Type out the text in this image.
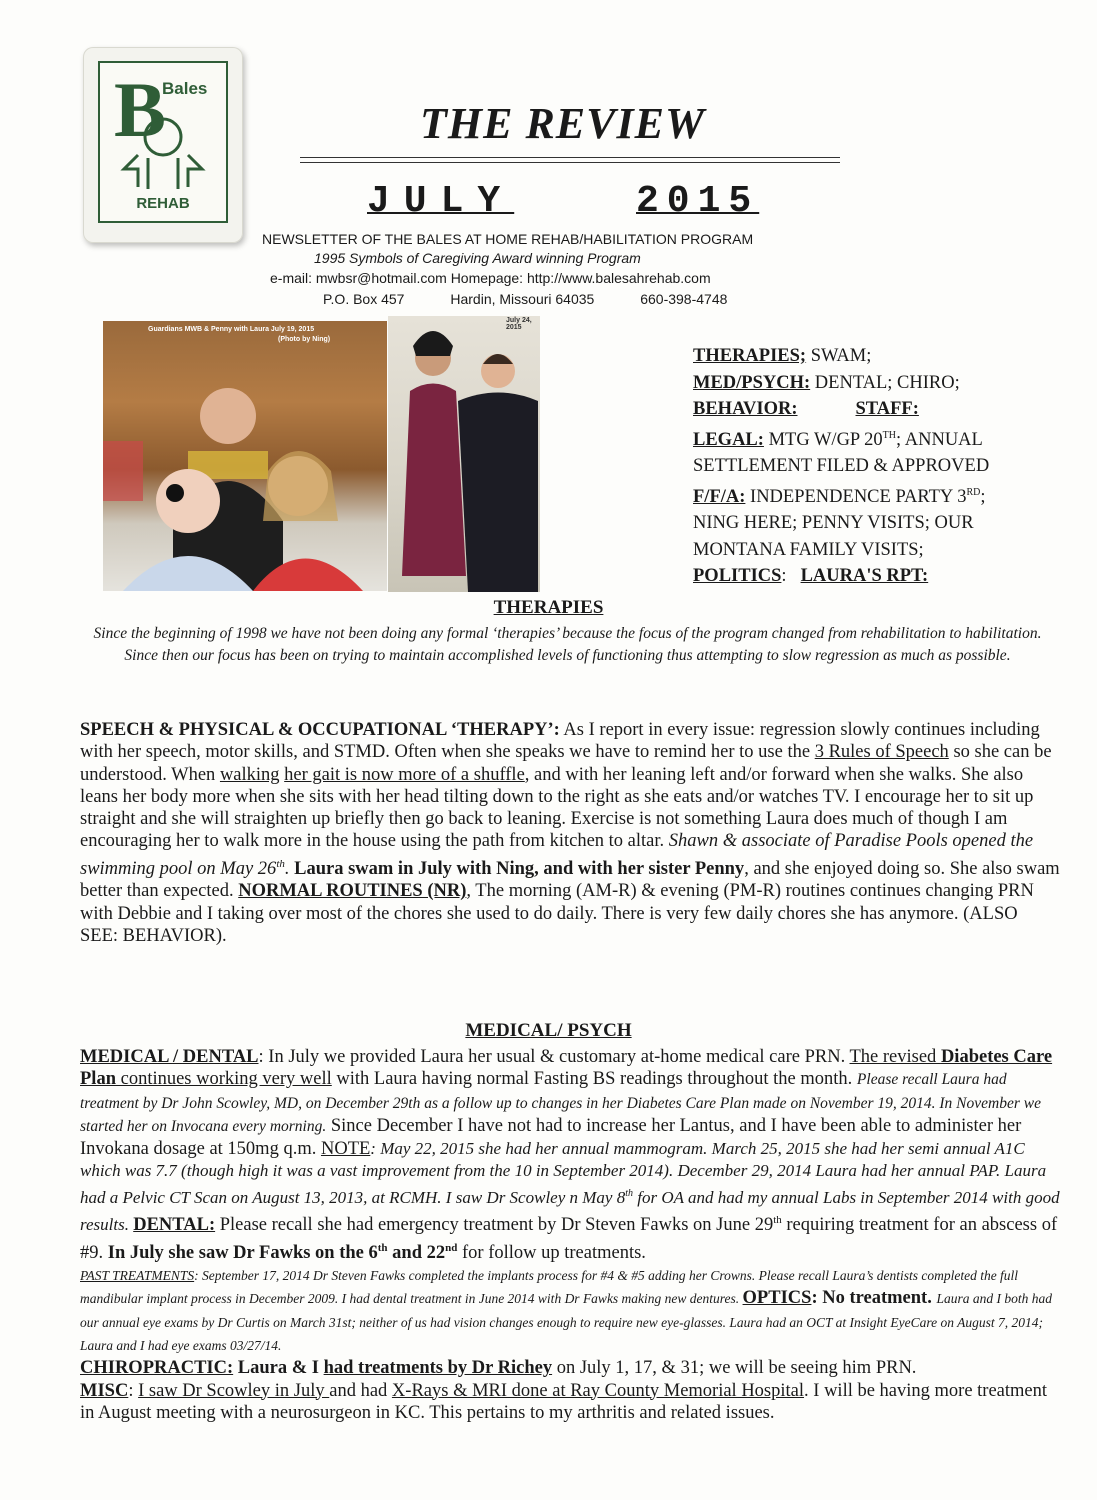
B
Bales
REHAB
THE REVIEW
JULY	2015
NEWSLETTER OF THE BALES AT HOME REHAB/HABILITATION PROGRAM
1995 Symbols of Caregiving Award winning Program
e-mail: mwbsr@hotmail.com Homepage: http://www.balesahrehab.com
P.O. Box 457	Hardin, Missouri 64035	660-398-4748
Guardians MWB & Penny with Laura July 19, 2015
(Photo by Ning)
July 24, 2015
THERAPIES; SWAM;
MED/PSYCH: DENTAL; CHIRO;
BEHAVIOR:	STAFF:
LEGAL: MTG W/GP 20TH; ANNUAL
SETTLEMENT FILED & APPROVED
F/F/A: INDEPENDENCE PARTY 3RD;
NING HERE; PENNY VISITS; OUR
MONTANA FAMILY VISITS;
POLITICS: LAURA'S RPT:
THERAPIES
Since the beginning of 1998 we have not been doing any formal ‘therapies’ because the focus of the program changed from rehabilitation to habilitation. Since then our focus has been on trying to maintain accomplished levels of functioning thus attempting to slow regression as much as possible.
SPEECH & PHYSICAL & OCCUPATIONAL ‘THERAPY’: As I report in every issue: regression slowly continues including with her speech, motor skills, and STMD. Often when she speaks we have to remind her to use the 3 Rules of Speech so she can be understood. When walking her gait is now more of a shuffle, and with her leaning left and/or forward when she walks. She also leans her body more when she sits with her head tilting down to the right as she eats and/or watches TV. I encourage her to sit up straight and she will straighten up briefly then go back to leaning. Exercise is not something Laura does much of though I am encouraging her to walk more in the house using the path from kitchen to altar. Shawn & associate of Paradise Pools opened the swimming pool on May 26th. Laura swam in July with Ning, and with her sister Penny, and she enjoyed doing so. She also swam better than expected. NORMAL ROUTINES (NR), The morning (AM-R) & evening (PM-R) routines continues changing PRN with Debbie and I taking over most of the chores she used to do daily. There is very few daily chores she has anymore. (ALSO SEE: BEHAVIOR).
MEDICAL/ PSYCH
MEDICAL / DENTAL: In July we provided Laura her usual & customary at-home medical care PRN. The revised Diabetes Care Plan continues working very well with Laura having normal Fasting BS readings throughout the month. Please recall Laura had treatment by Dr John Scowley, MD, on December 29th as a follow up to changes in her Diabetes Care Plan made on November 19, 2014. In November we started her on Invocana every morning. Since December I have not had to increase her Lantus, and I have been able to administer her Invokana dosage at 150mg q.m. NOTE: May 22, 2015 she had her annual mammogram. March 25, 2015 she had her semi annual A1C which was 7.7 (though high it was a vast improvement from the 10 in September 2014). December 29, 2014 Laura had her annual PAP. Laura had a Pelvic CT Scan on August 13, 2013, at RCMH. I saw Dr Scowley n May 8th for OA and had my annual Labs in September 2014 with good results. DENTAL: Please recall she had emergency treatment by Dr Steven Fawks on June 29th requiring treatment for an abscess of #9. In July she saw Dr Fawks on the 6th and 22nd for follow up treatments.
PAST TREATMENTS: September 17, 2014 Dr Steven Fawks completed the implants process for #4 & #5 adding her Crowns. Please recall Laura’s dentists completed the full mandibular implant process in December 2009. I had dental treatment in June 2014 with Dr Fawks making new dentures. OPTICS: No treatment. Laura and I both had our annual eye exams by Dr Curtis on March 31st; neither of us had vision changes enough to require new eye-glasses. Laura had an OCT at Insight EyeCare on August 7, 2014; Laura and I had eye exams 03/27/14.
CHIROPRACTIC: Laura & I had treatments by Dr Richey on July 1, 17, & 31; we will be seeing him PRN.
MISC: I saw Dr Scowley in July and had X-Rays & MRI done at Ray County Memorial Hospital. I will be having more treatment in August meeting with a neurosurgeon in KC. This pertains to my arthritis and related issues.
